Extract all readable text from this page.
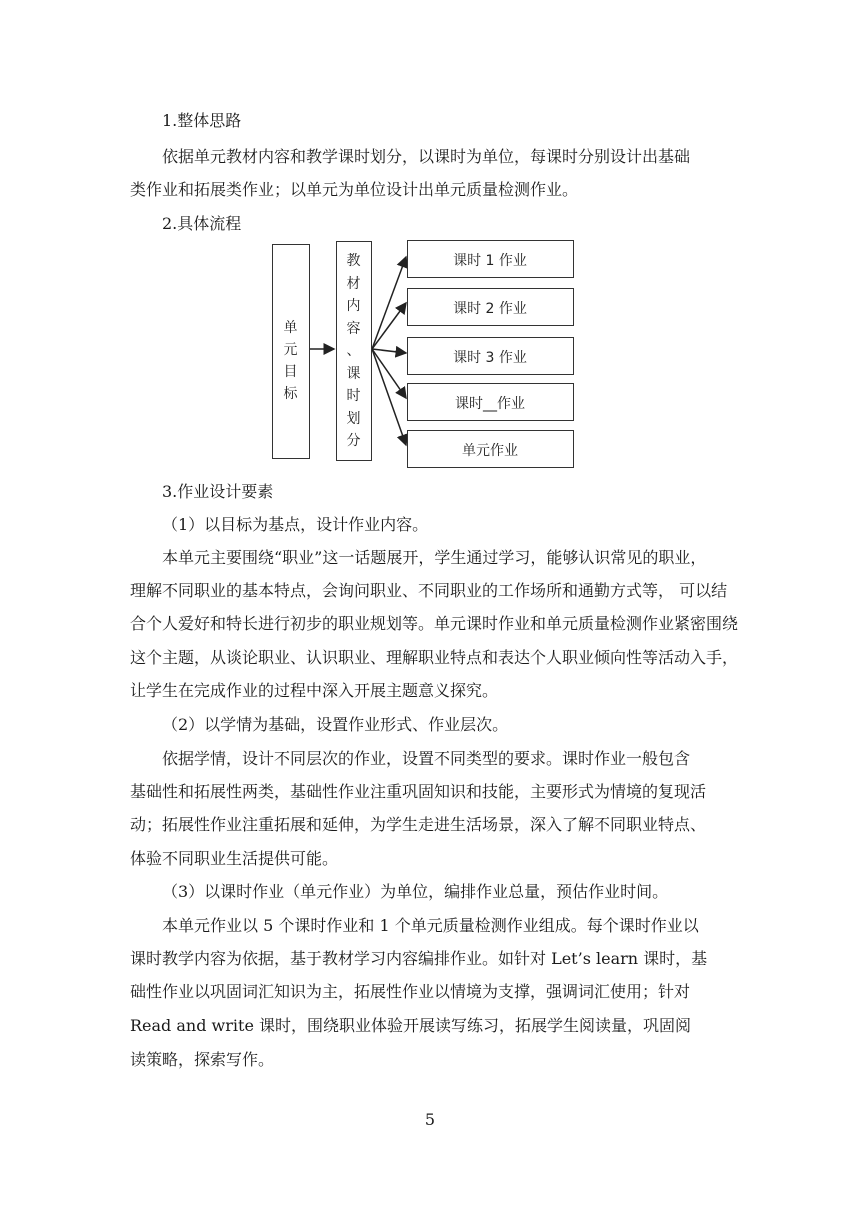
1.整体思路
依据单元教材内容和教学课时划分，以课时为单位，每课时分别设计出基础
类作业和拓展类作业；以单元为单位设计出单元质量检测作业。
2.具体流程
单
元
目
标
教
材
内
容
、
课
时
划
分
课时 1 作业
课时 2 作业
课时 3 作业
课时__作业
单元作业
3.作业设计要素
（1）以目标为基点，设计作业内容。
本单元主要围绕“职业”这一话题展开，学生通过学习，能够认识常见的职业，
理解不同职业的基本特点，会询问职业、不同职业的工作场所和通勤方式等， 可以结
合个人爱好和特长进行初步的职业规划等。单元课时作业和单元质量检测作业紧密围绕
这个主题，从谈论职业、认识职业、理解职业特点和表达个人职业倾向性等活动入手，
让学生在完成作业的过程中深入开展主题意义探究。
（2）以学情为基础，设置作业形式、作业层次。
依据学情，设计不同层次的作业，设置不同类型的要求。课时作业一般包含
基础性和拓展性两类，基础性作业注重巩固知识和技能，主要形式为情境的复现活
动；拓展性作业注重拓展和延伸，为学生走进生活场景，深入了解不同职业特点、
体验不同职业生活提供可能。
（3）以课时作业（单元作业）为单位，编排作业总量，预估作业时间。
本单元作业以 5 个课时作业和 1 个单元质量检测作业组成。每个课时作业以
课时教学内容为依据，基于教材学习内容编排作业。如针对 Let’s learn 课时，基
础性作业以巩固词汇知识为主，拓展性作业以情境为支撑，强调词汇使用；针对
Read and write 课时，围绕职业体验开展读写练习，拓展学生阅读量，巩固阅
读策略，探索写作。
5
